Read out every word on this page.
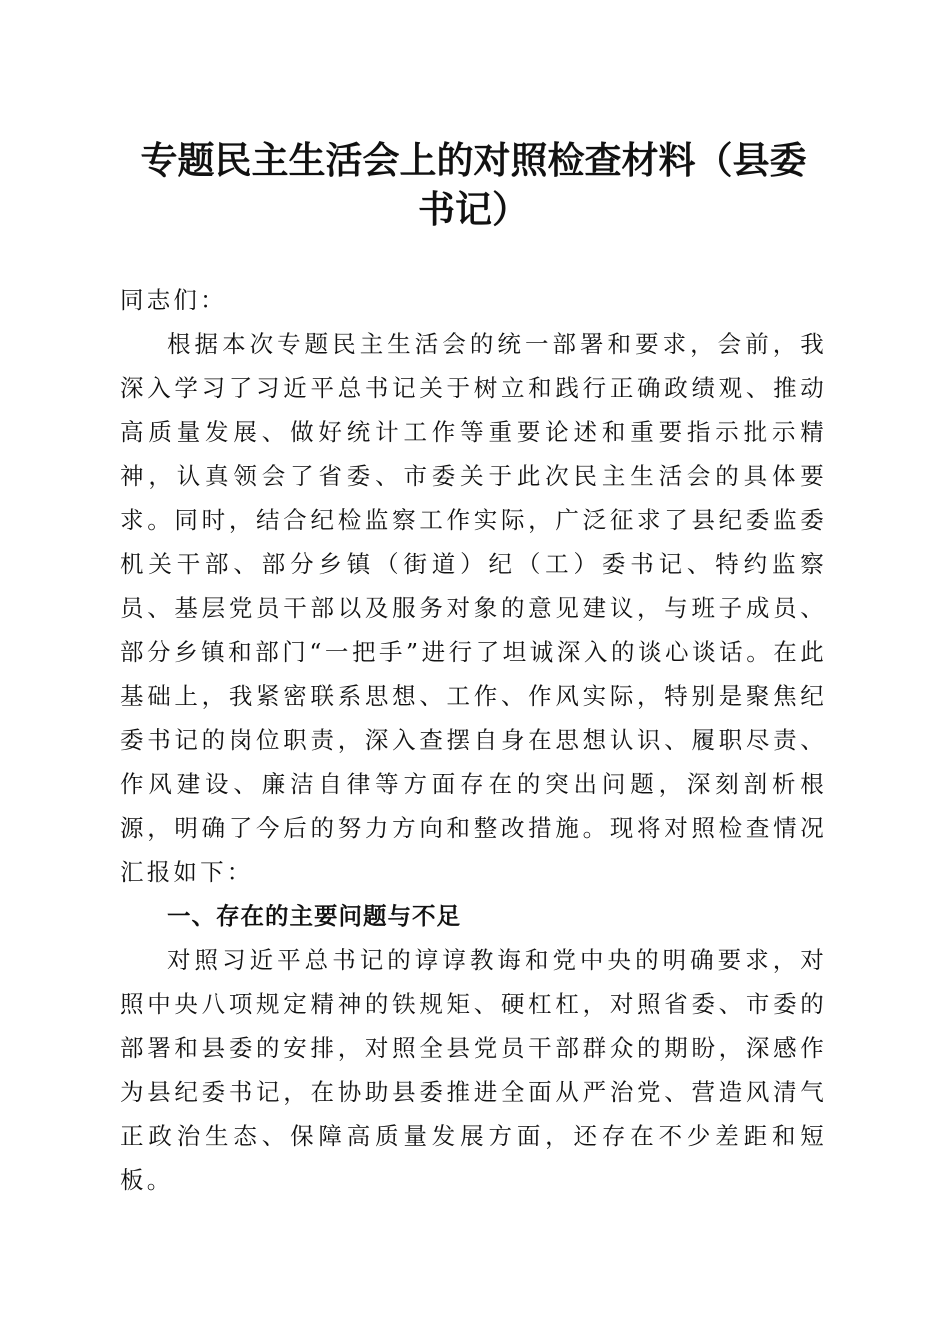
专题民主生活会上的对照检查材料（县委书记）

同志们：

根据本次专题民主生活会的统一部署和要求，会前，我深入学习了习近平总书记关于树立和践行正确政绩观、推动高质量发展、做好统计工作等重要论述和重要指示批示精神，认真领会了省委、市委关于此次民主生活会的具体要求。同时，结合纪检监察工作实际，广泛征求了县纪委监委机关干部、部分乡镇（街道）纪（工）委书记、特约监察员、基层党员干部以及服务对象的意见建议，与班子成员、部分乡镇和部门“一把手”进行了坦诚深入的谈心谈话。在此基础上，我紧密联系思想、工作、作风实际，特别是聚焦纪委书记的岗位职责，深入查摆自身在思想认识、履职尽责、作风建设、廉洁自律等方面存在的突出问题，深刻剖析根源，明确了今后的努力方向和整改措施。现将对照检查情况汇报如下：

一、存在的主要问题与不足

对照习近平总书记的谆谆教诲和党中央的明确要求，对照中央八项规定精神的铁规矩、硬杠杠，对照省委、市委的部署和县委的安排，对照全县党员干部群众的期盼，深感作为县纪委书记，在协助县委推进全面从严治党、营造风清气正政治生态、保障高质量发展方面，还存在不少差距和短板。
